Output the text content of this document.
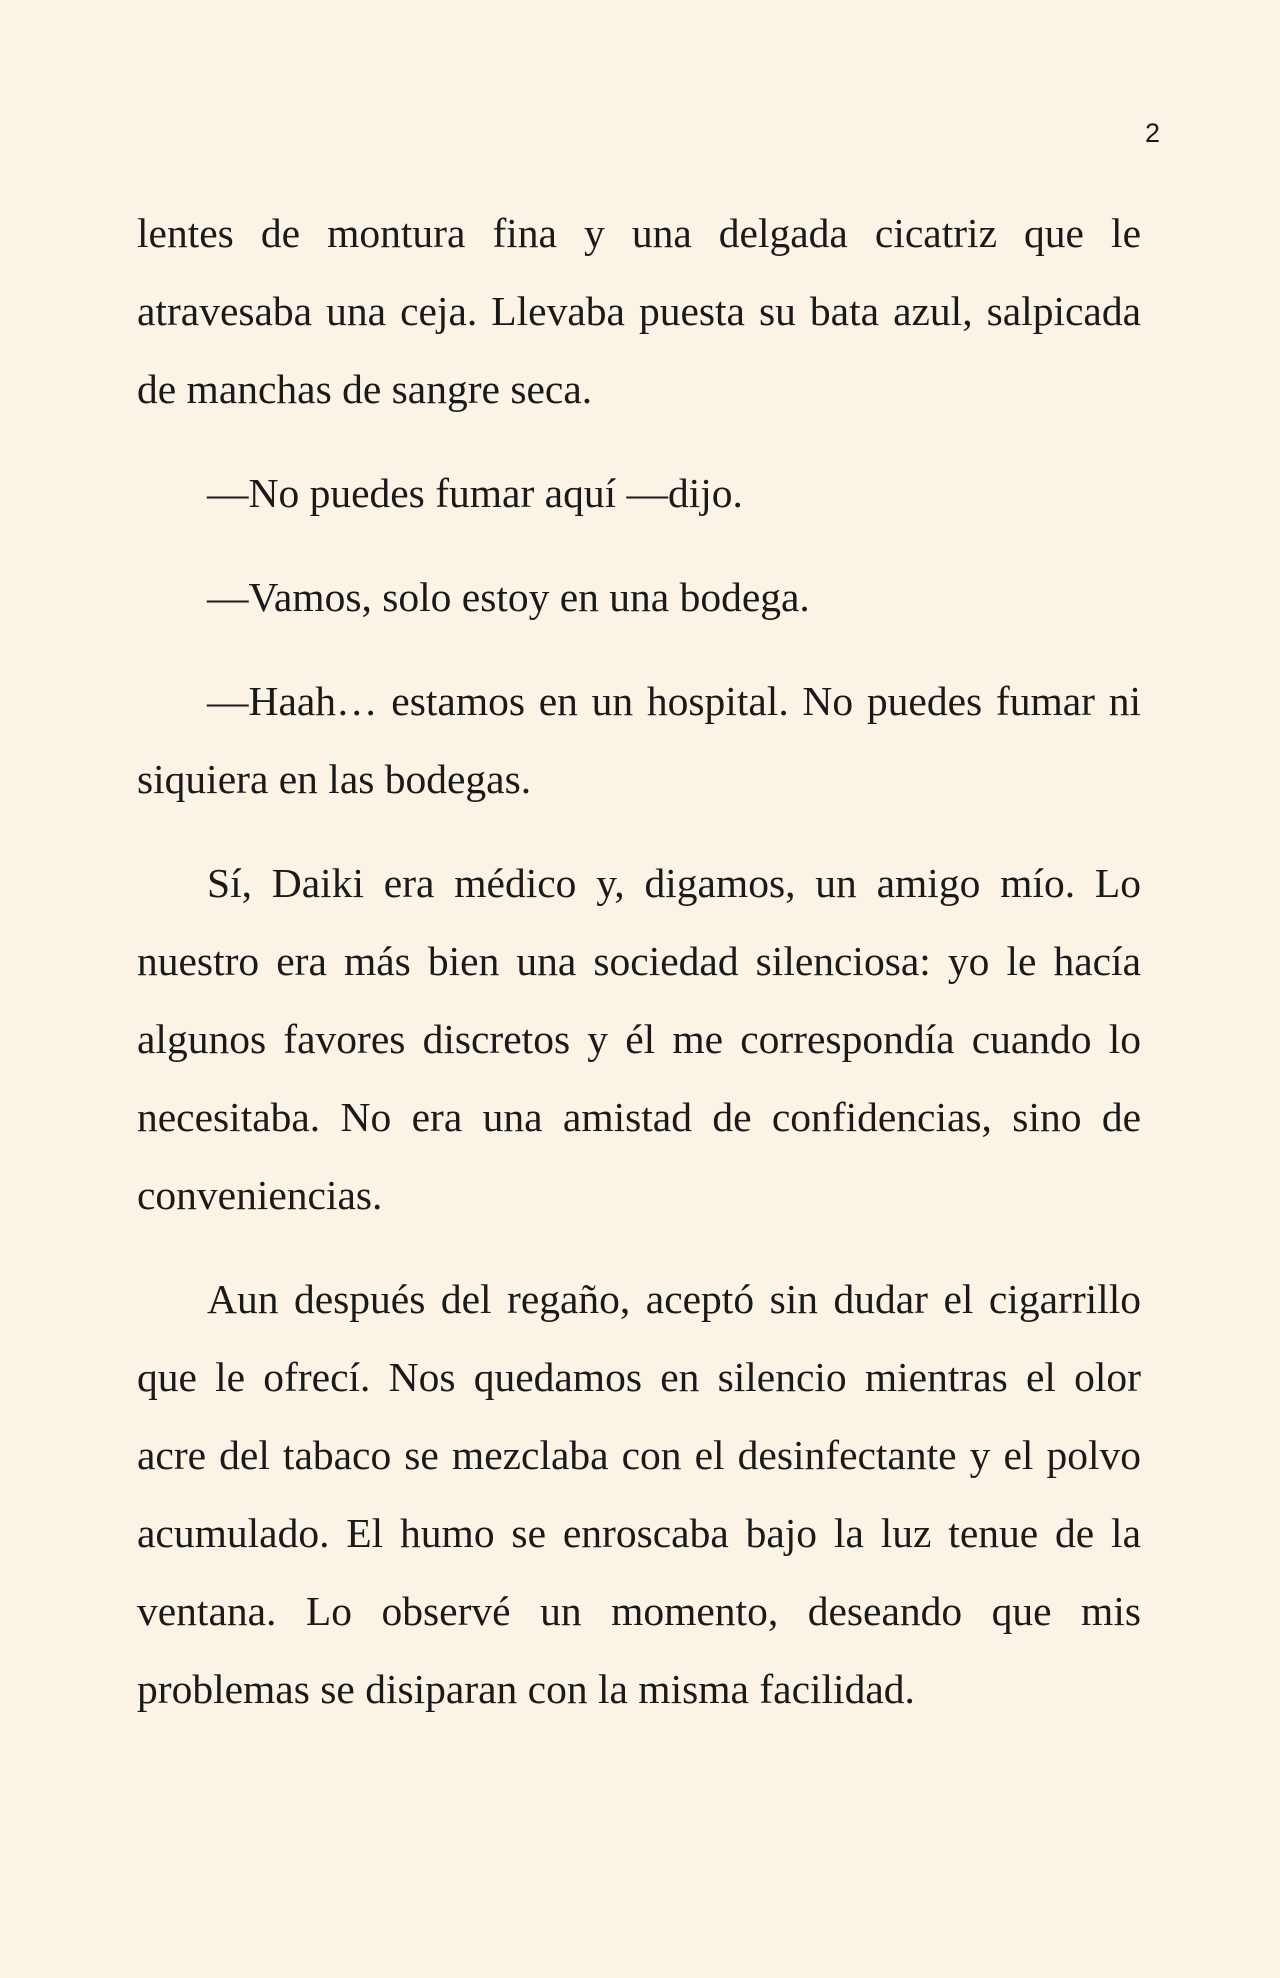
2

lentes de montura fina y una delgada cicatriz que le atravesaba una ceja. Llevaba puesta su bata azul, salpicada de manchas de sangre seca.

—No puedes fumar aquí —dijo.

—Vamos, solo estoy en una bodega.

—Haah… estamos en un hospital. No puedes fumar ni siquiera en las bodegas.

Sí, Daiki era médico y, digamos, un amigo mío. Lo nuestro era más bien una sociedad silenciosa: yo le hacía algunos favores discretos y él me correspondía cuando lo necesitaba. No era una amistad de confidencias, sino de conveniencias.

Aun después del regaño, aceptó sin dudar el cigarrillo que le ofrecí. Nos quedamos en silencio mientras el olor acre del tabaco se mezclaba con el desinfectante y el polvo acumulado. El humo se enroscaba bajo la luz tenue de la ventana. Lo observé un momento, deseando que mis problemas se disiparan con la misma facilidad.
